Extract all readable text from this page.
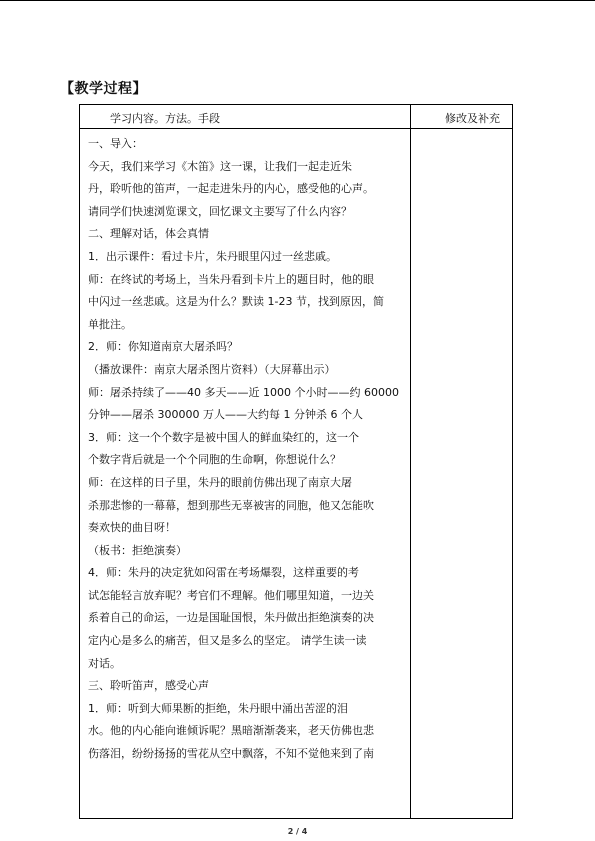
【教学过程】
学习内容。方法。手段	修改及补充
一、导入：
今天，我们来学习《木笛》这一课，让我们一起走近朱
丹，聆听他的笛声，一起走进朱丹的内心，感受他的心声。
请同学们快速浏览课文，回忆课文主要写了什么内容？
二、理解对话，体会真情
1．出示课件：看过卡片，朱丹眼里闪过一丝悲戚。
师：在终试的考场上，当朱丹看到卡片上的题目时，他的眼
中闪过一丝悲戚。这是为什么？默读 1-23 节，找到原因，简
单批注。
2．师：你知道南京大屠杀吗？
（播放课件：南京大屠杀图片资料）（大屏幕出示）
师：屠杀持续了——40 多天——近 1000 个小时——约 60000
分钟——屠杀 300000 万人——大约每 1 分钟杀 6 个人
3．师：这一个个数字是被中国人的鲜血染红的，这一个
个数字背后就是一个个同胞的生命啊，你想说什么？
师：在这样的日子里，朱丹的眼前仿佛出现了南京大屠
杀那悲惨的一幕幕，想到那些无辜被害的同胞，他又怎能吹
奏欢快的曲目呀！
（板书：拒绝演奏）
4．师：朱丹的决定犹如闷雷在考场爆裂，这样重要的考
试怎能轻言放弃呢？考官们不理解。他们哪里知道，一边关
系着自己的命运，一边是国耻国恨，朱丹做出拒绝演奏的决
定内心是多么的痛苦，但又是多么的坚定。 请学生读一读
对话。
三、聆听笛声，感受心声
1．师：听到大师果断的拒绝，朱丹眼中涌出苦涩的泪
水。他的内心能向谁倾诉呢？黑暗渐渐袭来，老天仿佛也悲
伤落泪，纷纷扬扬的雪花从空中飘落，不知不觉他来到了南
2 / 4
